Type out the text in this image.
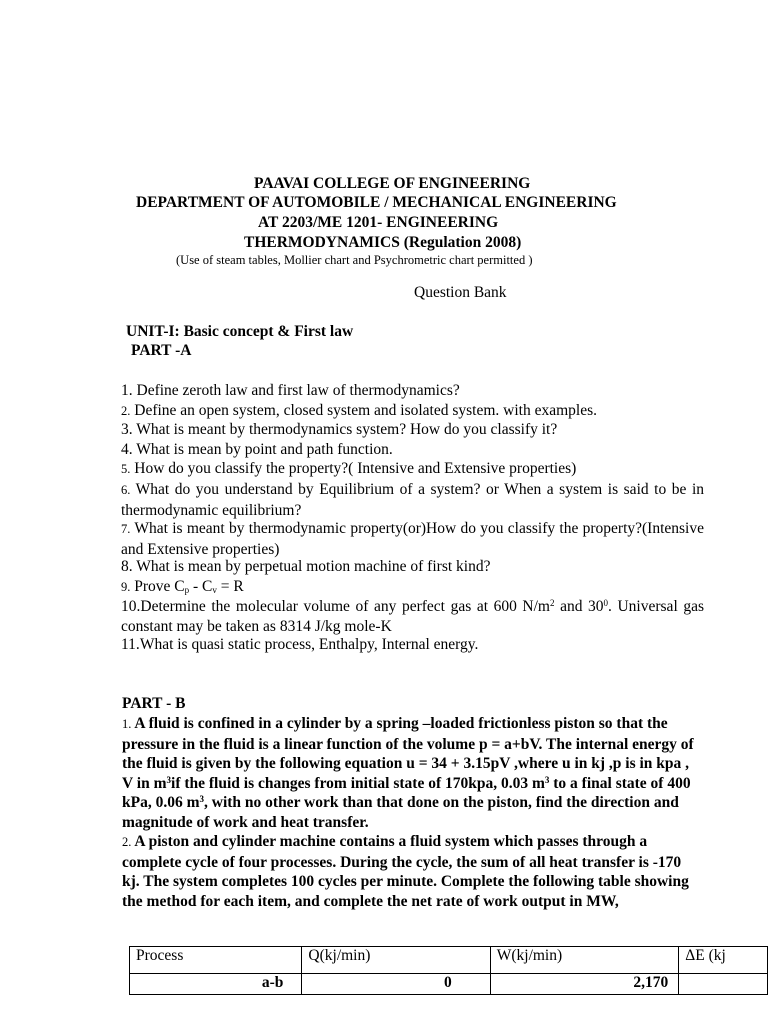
PAAVAI COLLEGE OF ENGINEERING
DEPARTMENT OF AUTOMOBILE / MECHANICAL ENGINEERING
AT 2203/ME 1201- ENGINEERING
THERMODYNAMICS (Regulation 2008)
(Use of steam tables, Mollier chart and Psychrometric chart permitted )
Question Bank
UNIT-I: Basic concept & First law
PART -A
1. Define zeroth law and first law of thermodynamics?
2. Define an open system, closed system and isolated system. with examples.
3. What is meant by thermodynamics system? How do you classify it?
4. What is mean by point and path function.
5. How do you classify the property?( Intensive and Extensive properties)
6. What do you understand by Equilibrium of a system? or When a system is said to be in thermodynamic equilibrium?
7. What is meant by thermodynamic property(or)How do you classify the property?(Intensive and Extensive properties)
8. What is mean by perpetual motion machine of first kind?
9. Prove $C_p - C_v = R$
10.Determine the molecular volume of any perfect gas at 600 $N/m^2$ and $30^0$. Universal gas constant may be taken as 8314 J/kg mole-K
11.What is quasi static process, Enthalpy, Internal energy.
PART - B
1. A fluid is confined in a cylinder by a spring –loaded frictionless piston so that the pressure in the fluid is a linear function of the volume p = a+bV. The internal energy of the fluid is given by the following equation u = 34 + 3.15pV ,where u in kj ,p is in kpa , V in $m^3if$ the fluid is changes from initial state of 170kpa, 0.03 $m^3$ to a final state of 400 kPa, 0.06 $m^3$, with no other work than that done on the piston, find the direction and magnitude of work and heat transfer.
2. A piston and cylinder machine contains a fluid system which passes through a complete cycle of four processes. During the cycle, the sum of all heat transfer is -170 kj. The system completes 100 cycles per minute. Complete the following table showing the method for each item, and complete the net rate of work output in MW,
Process	Q(kj/min)	W(kj/min)	ΔE (kj
a-b	0	2,170	
